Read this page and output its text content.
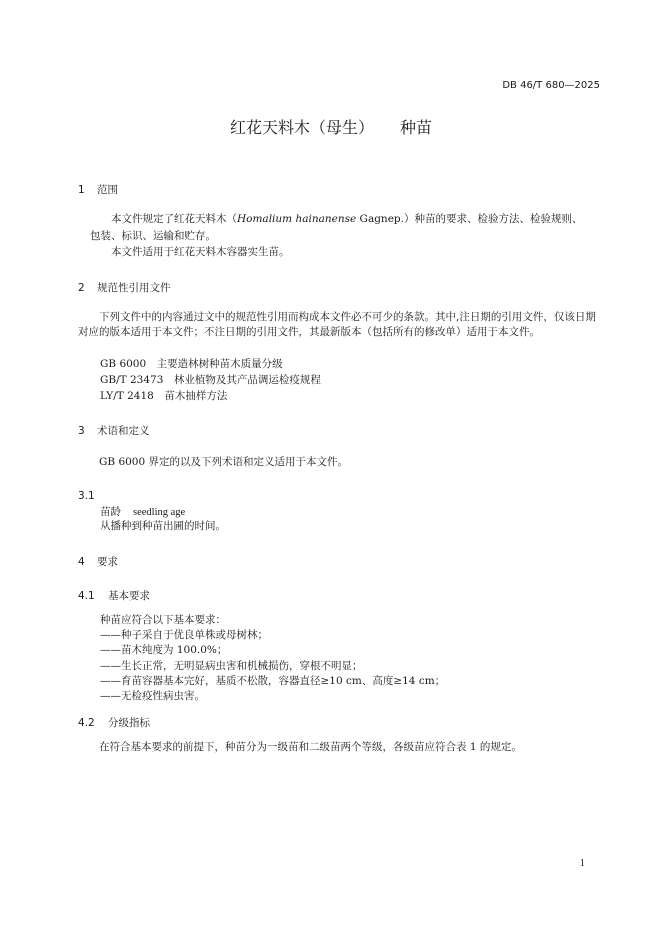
DB 46/T 680—2025
红花天料木（母生） 种苗
1 范围
　　本文件规定了红花天料木（Homalium hainanense Gagnep.）种苗的要求、检验方法、检验规则、
包装、标识、运输和贮存。
　　本文件适用于红花天料木容器实生苗。
2 规范性引用文件
　　下列文件中的内容通过文中的规范性引用而构成本文件必不可少的条款。其中,注日期的引用文件，仅该日期对应的版本适用于本文件；不注日期的引用文件，其最新版本（包括所有的修改单）适用于本文件。
GB 6000　主要造林树种苗木质量分级
GB/T 23473　林业植物及其产品调运检疫规程
LY/T 2418　苗木抽样方法
3 术语和定义
　　GB 6000 界定的以及下列术语和定义适用于本文件。
3.1
苗龄 seedling age
从播种到种苗出圃的时间。
4 要求
4.1 基本要求
种苗应符合以下基本要求：
——种子采自于优良单株或母树林；
——苗木纯度为 100.0%；
——生长正常，无明显病虫害和机械损伤，穿根不明显；
——育苗容器基本完好，基质不松散，容器直径≥10 cm、高度≥14 cm；
——无检疫性病虫害。
4.2 分级指标
　　在符合基本要求的前提下，种苗分为一级苗和二级苗两个等级，各级苗应符合表 1 的规定。
1
